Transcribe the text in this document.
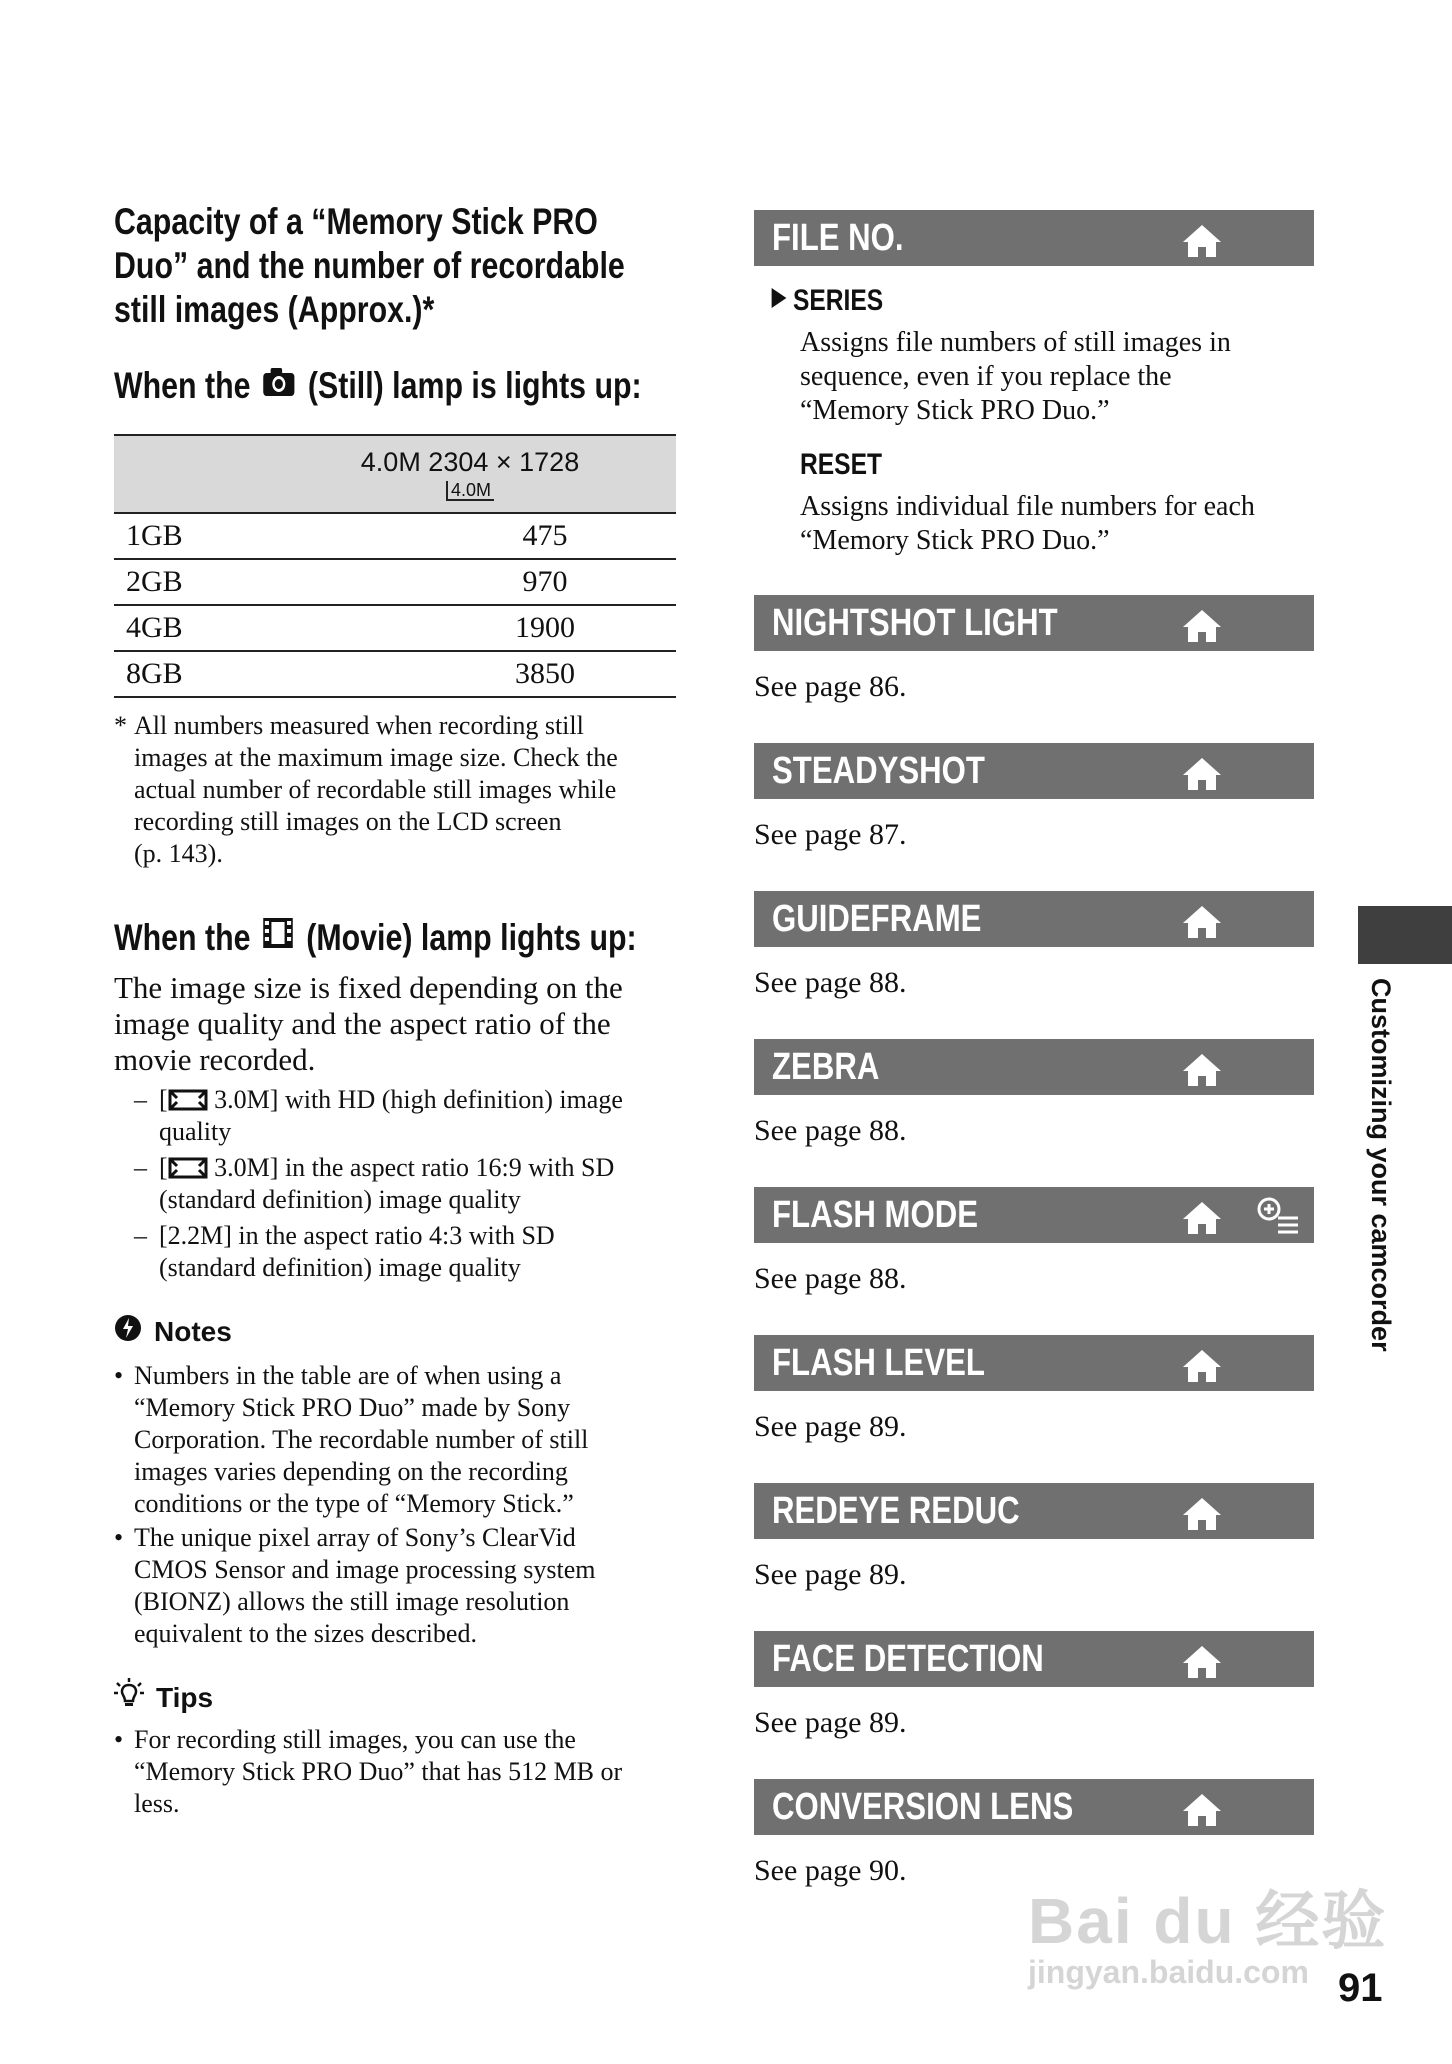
Capacity of a “Memory Stick PRO
Duo” and the number of recordable
still images (Approx.)*
When the (Still) lamp is lights up:

	4.0M 2304 × 1728
4.0M

1GB	475
2GB	970
4GB	1900
8GB	3850
* All numbers measured when recording still
images at the maximum image size. Check the
actual number of recordable still images while
recording still images on the LCD screen
(p. 143).
When the (Movie) lamp lights up:
The image size is fixed depending on the
image quality and the aspect ratio of the
movie recorded.
– [ 3.0M] with HD (high definition) image
quality
– [ 3.0M] in the aspect ratio 16:9 with SD
(standard definition) image quality
– [2.2M] in the aspect ratio 4:3 with SD
(standard definition) image quality
Notes
• Numbers in the table are of when using a
“Memory Stick PRO Duo” made by Sony
Corporation. The recordable number of still
images varies depending on the recording
conditions or the type of “Memory Stick.”
• The unique pixel array of Sony’s ClearVid
CMOS Sensor and image processing system
(BIONZ) allows the still image resolution
equivalent to the sizes described.
Tips
• For recording still images, you can use the
“Memory Stick PRO Duo” that has 512 MB or
less.
FILE NO.
SERIES
Assigns file numbers of still images in
sequence, even if you replace the
“Memory Stick PRO Duo.”
RESET
Assigns individual file numbers for each
“Memory Stick PRO Duo.”
NIGHTSHOT LIGHT
See page 86.
STEADYSHOT
See page 87.
GUIDEFRAME
See page 88.
ZEBRA
See page 88.
FLASH MODE
See page 88.
FLASH LEVEL
See page 89.
REDEYE REDUC
See page 89.
FACE DETECTION
See page 89.
CONVERSION LENS
See page 90.
Customizing your camcorder
Bai du 经验
jingyan.baidu.com 91
